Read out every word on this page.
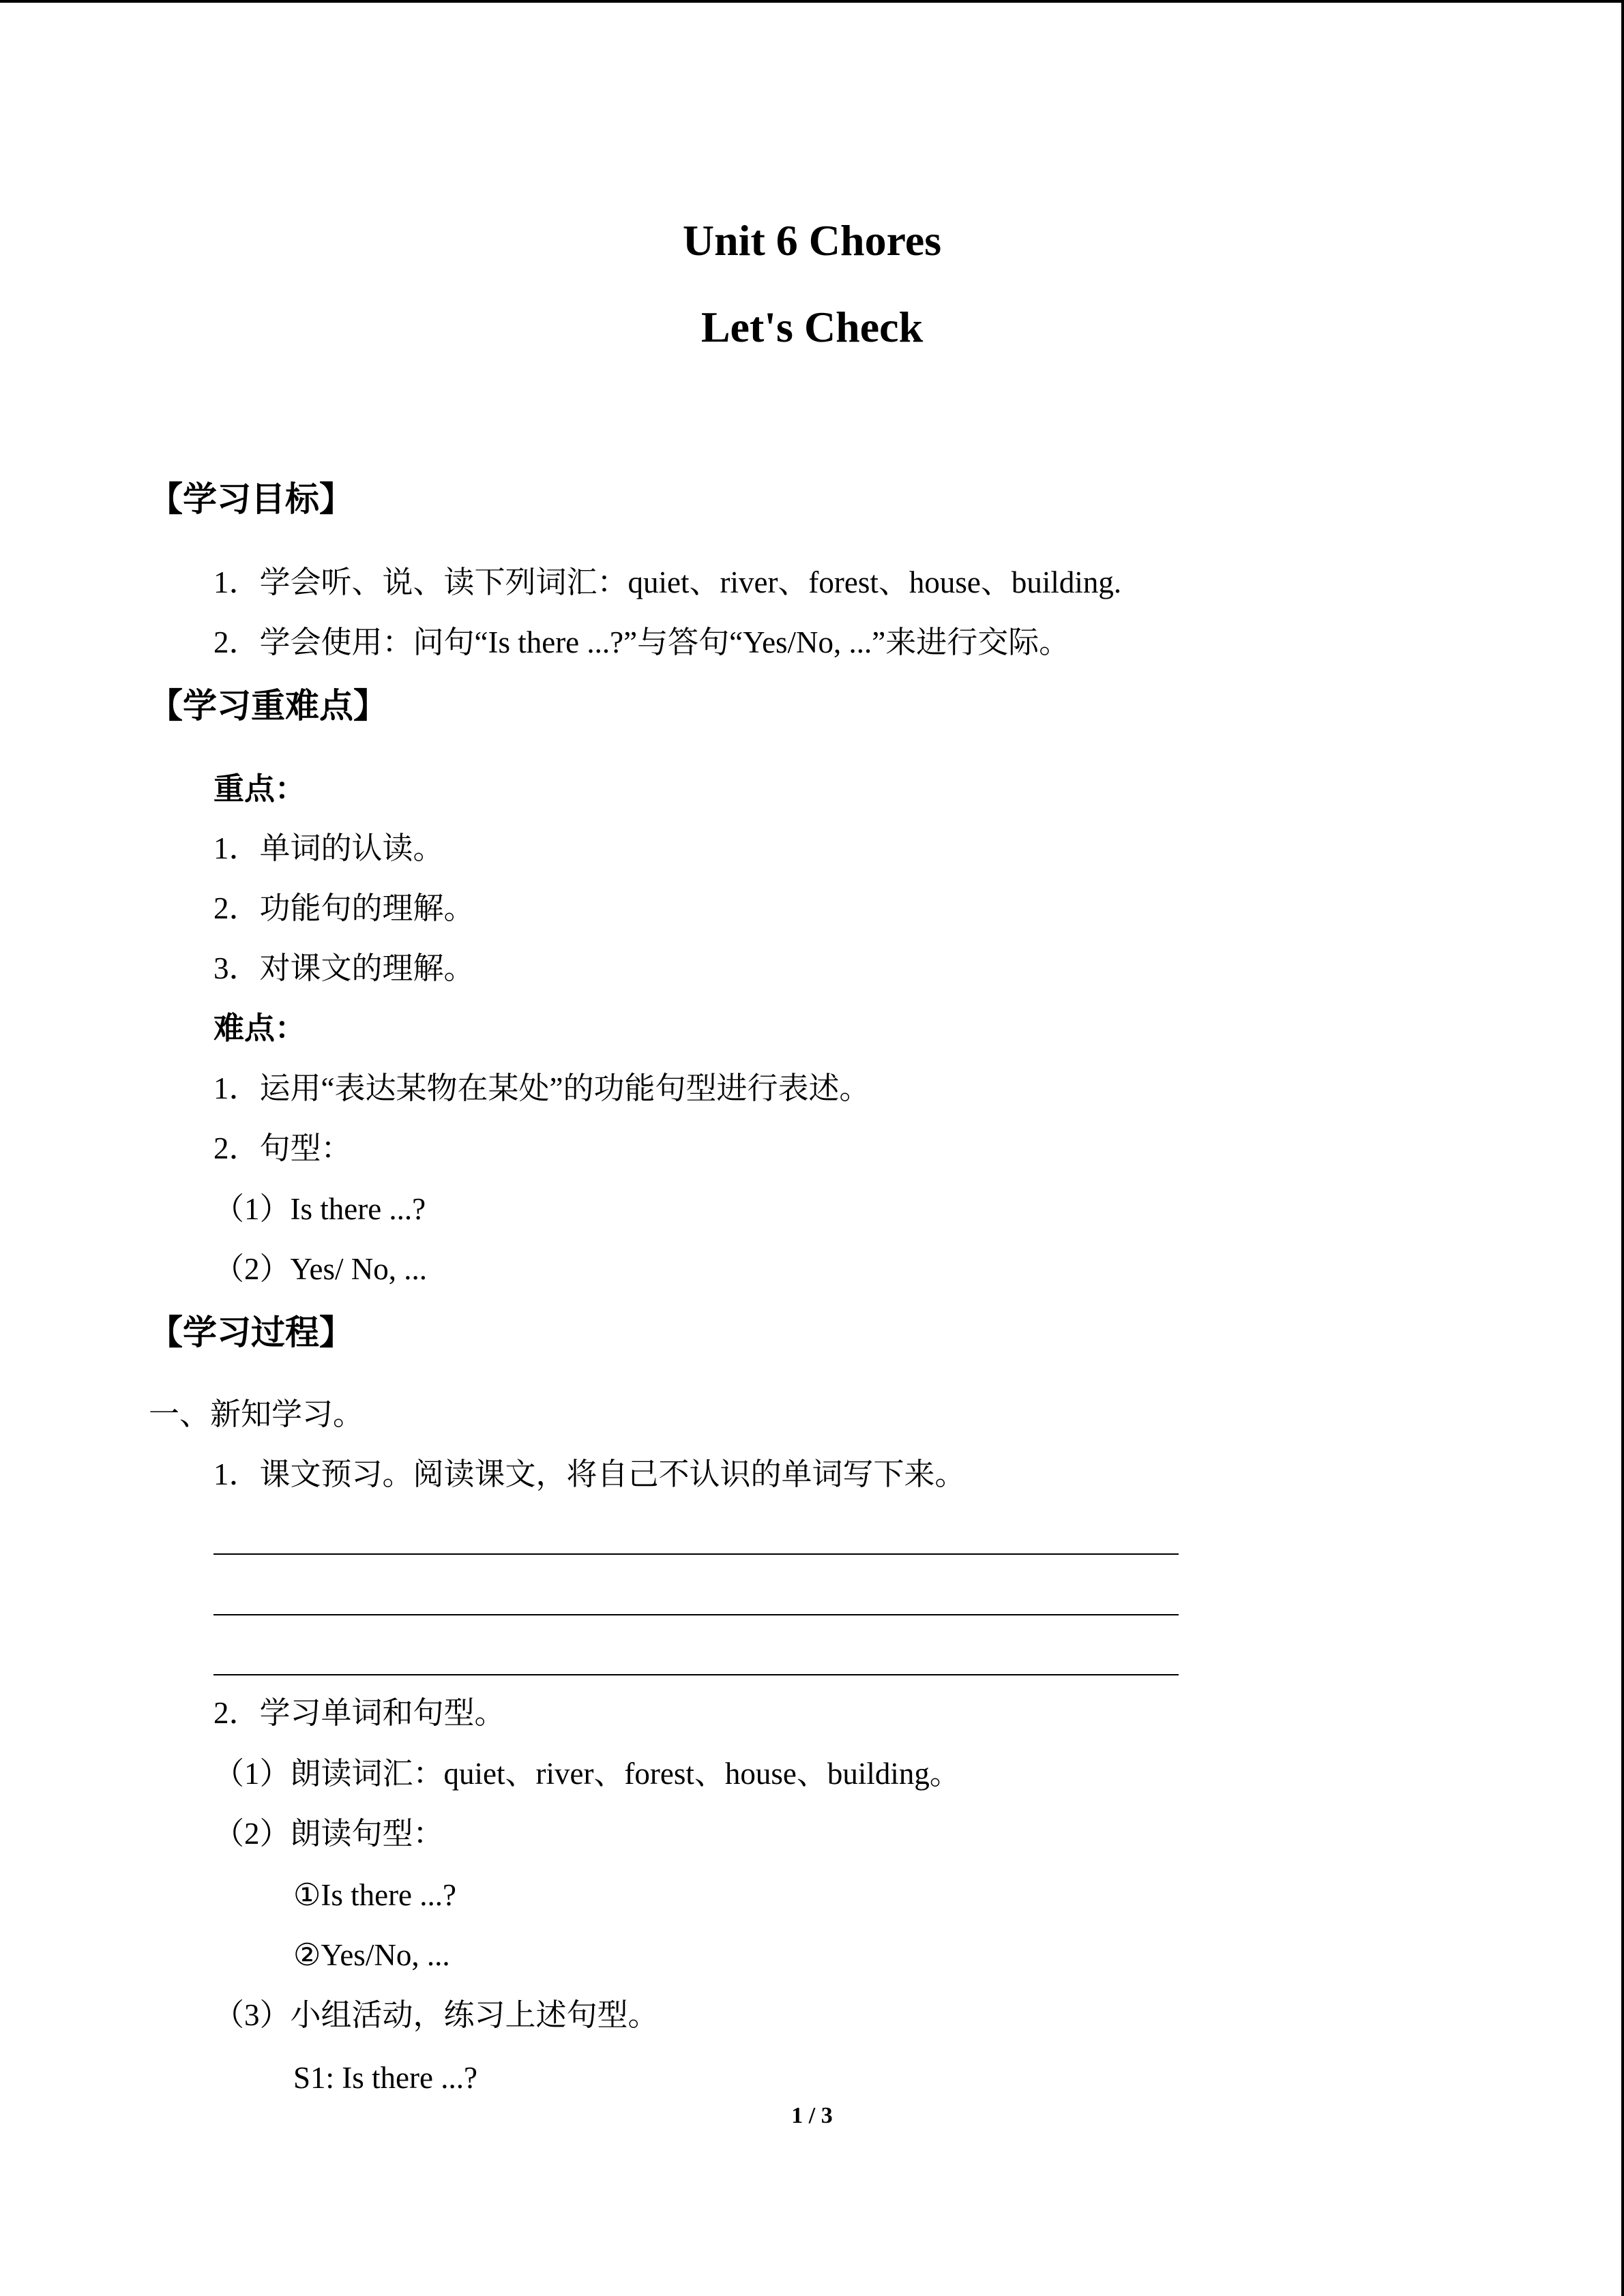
Unit 6 Chores
Let's Check
【学习目标】
1．学会听、说、读下列词汇：quiet、river、forest、house、building.
2．学会使用：问句“Is there ...?”与答句“Yes/No, ...”来进行交际。
【学习重难点】
重点：
1．单词的认读。
2．功能句的理解。
3．对课文的理解。
难点：
1．运用“表达某物在某处”的功能句型进行表述。
2．句型：
（1）Is there ...?
（2）Yes/ No, ...
【学习过程】
一、新知学习。
1．课文预习。阅读课文，将自己不认识的单词写下来。
2．学习单词和句型。
（1）朗读词汇：quiet、river、forest、house、building。
（2）朗读句型：
①Is there ...?
②Yes/No, ...
（3）小组活动，练习上述句型。
S1: Is there ...?
1 / 3
